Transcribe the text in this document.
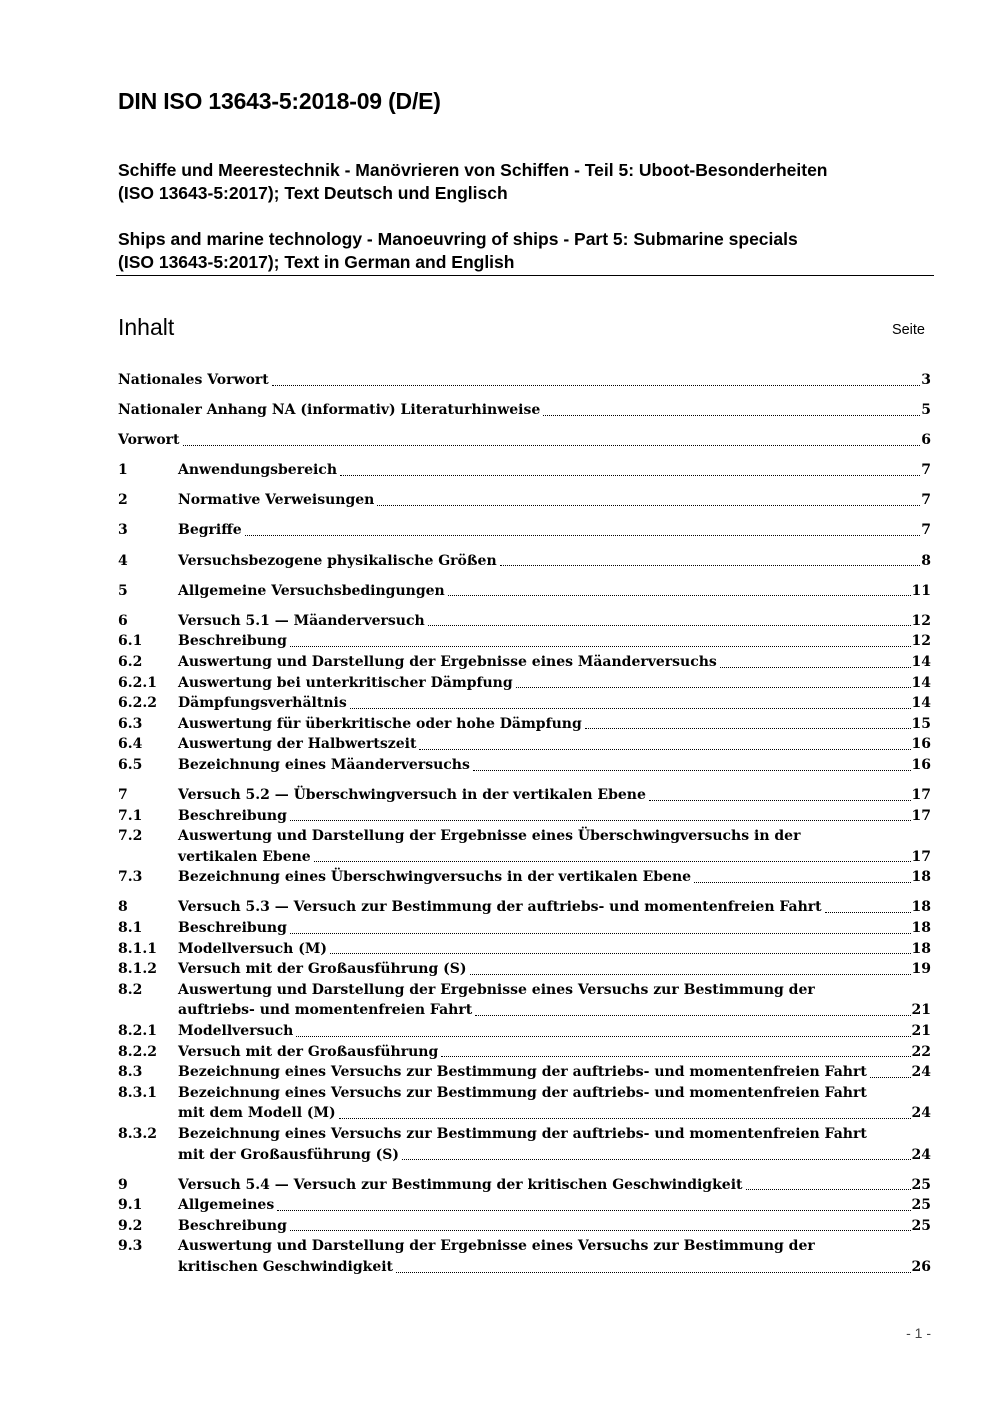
DIN ISO 13643-5:2018-09 (D/E)
Schiffe und Meerestechnik - Manövrieren von Schiffen - Teil 5: Uboot-Besonderheiten
(ISO 13643-5:2017); Text Deutsch und Englisch
Ships and marine technology - Manoeuvring of ships - Part 5: Submarine specials
(ISO 13643-5:2017); Text in German and English
Inhalt	Seite
Nationales Vorwort	3
Nationaler Anhang NA (informativ) Literaturhinweise	5
Vorwort	6
1	Anwendungsbereich	7
2	Normative Verweisungen	7
3	Begriffe	7
4	Versuchsbezogene physikalische Größen	8
5	Allgemeine Versuchsbedingungen	11
6	Versuch 5.1 — Mäanderversuch	12
6.1	Beschreibung	12
6.2	Auswertung und Darstellung der Ergebnisse eines Mäanderversuchs	14
6.2.1	Auswertung bei unterkritischer Dämpfung	14
6.2.2	Dämpfungsverhältnis	14
6.3	Auswertung für überkritische oder hohe Dämpfung	15
6.4	Auswertung der Halbwertszeit	16
6.5	Bezeichnung eines Mäanderversuchs	16
7	Versuch 5.2 — Überschwingversuch in der vertikalen Ebene	17
7.1	Beschreibung	17
7.2	Auswertung und Darstellung der Ergebnisse eines Überschwingversuchs in der
vertikalen Ebene	17
7.3	Bezeichnung eines Überschwingversuchs in der vertikalen Ebene	18
8	Versuch 5.3 — Versuch zur Bestimmung der auftriebs- und momentenfreien Fahrt	18
8.1	Beschreibung	18
8.1.1	Modellversuch (M)	18
8.1.2	Versuch mit der Großausführung (S)	19
8.2	Auswertung und Darstellung der Ergebnisse eines Versuchs zur Bestimmung der
auftriebs- und momentenfreien Fahrt	21
8.2.1	Modellversuch	21
8.2.2	Versuch mit der Großausführung	22
8.3	Bezeichnung eines Versuchs zur Bestimmung der auftriebs- und momentenfreien Fahrt	24
8.3.1	Bezeichnung eines Versuchs zur Bestimmung der auftriebs- und momentenfreien Fahrt
mit dem Modell (M)	24
8.3.2	Bezeichnung eines Versuchs zur Bestimmung der auftriebs- und momentenfreien Fahrt
mit der Großausführung (S)	24
9	Versuch 5.4 — Versuch zur Bestimmung der kritischen Geschwindigkeit	25
9.1	Allgemeines	25
9.2	Beschreibung	25
9.3	Auswertung und Darstellung der Ergebnisse eines Versuchs zur Bestimmung der
kritischen Geschwindigkeit	26
- 1 -
